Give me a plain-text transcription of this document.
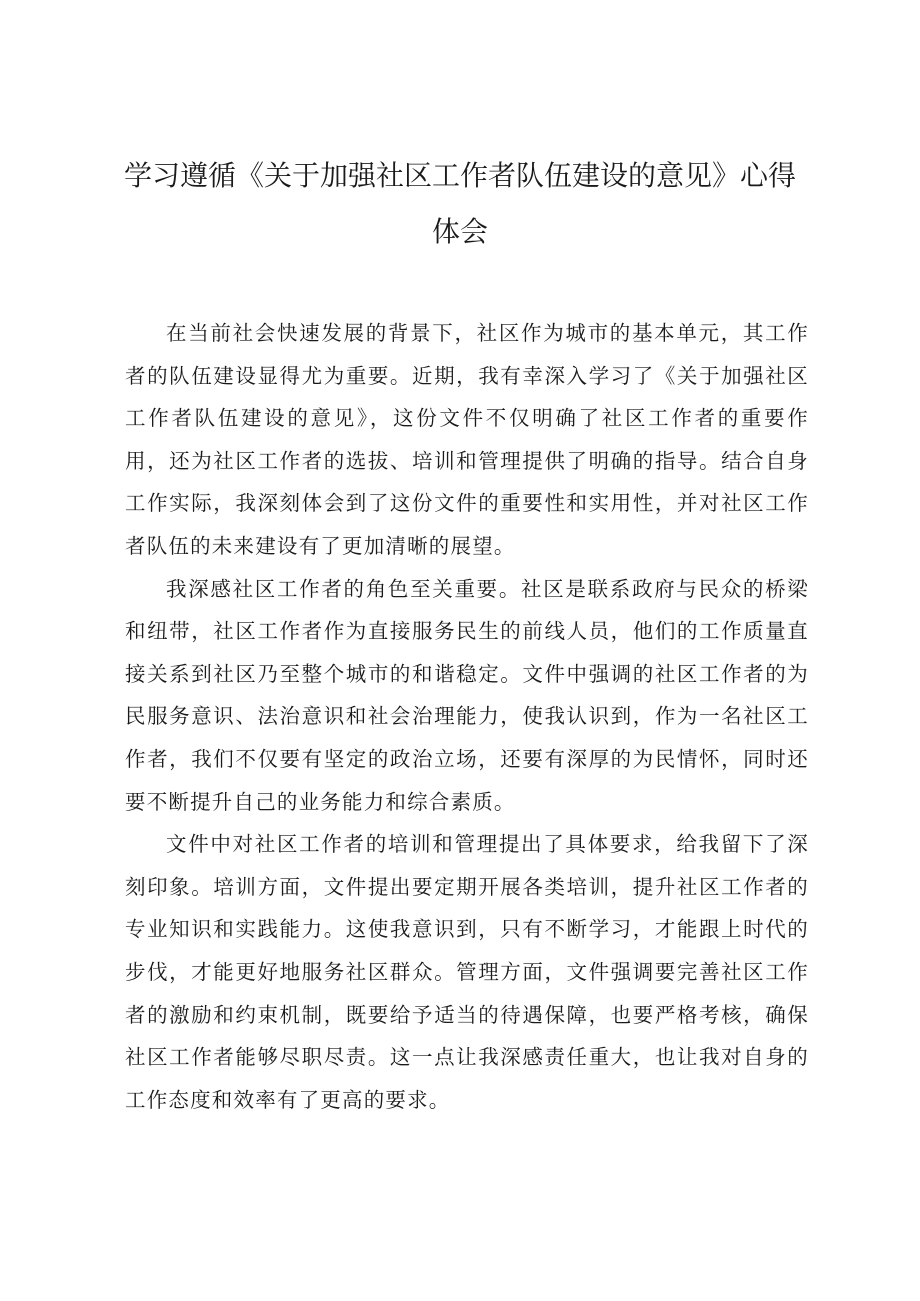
学习遵循《关于加强社区工作者队伍建设的意见》心得
体会

在当前社会快速发展的背景下，社区作为城市的基本单元，其工作者的队伍建设显得尤为重要。近期，我有幸深入学习了《关于加强社区工作者队伍建设的意见》，这份文件不仅明确了社区工作者的重要作用，还为社区工作者的选拔、培训和管理提供了明确的指导。结合自身工作实际，我深刻体会到了这份文件的重要性和实用性，并对社区工作者队伍的未来建设有了更加清晰的展望。

我深感社区工作者的角色至关重要。社区是联系政府与民众的桥梁和纽带，社区工作者作为直接服务民生的前线人员，他们的工作质量直接关系到社区乃至整个城市的和谐稳定。文件中强调的社区工作者的为民服务意识、法治意识和社会治理能力，使我认识到，作为一名社区工作者，我们不仅要有坚定的政治立场，还要有深厚的为民情怀，同时还要不断提升自己的业务能力和综合素质。

文件中对社区工作者的培训和管理提出了具体要求，给我留下了深刻印象。培训方面，文件提出要定期开展各类培训，提升社区工作者的专业知识和实践能力。这使我意识到，只有不断学习，才能跟上时代的步伐，才能更好地服务社区群众。管理方面，文件强调要完善社区工作者的激励和约束机制，既要给予适当的待遇保障，也要严格考核，确保社区工作者能够尽职尽责。这一点让我深感责任重大，也让我对自身的工作态度和效率有了更高的要求。
